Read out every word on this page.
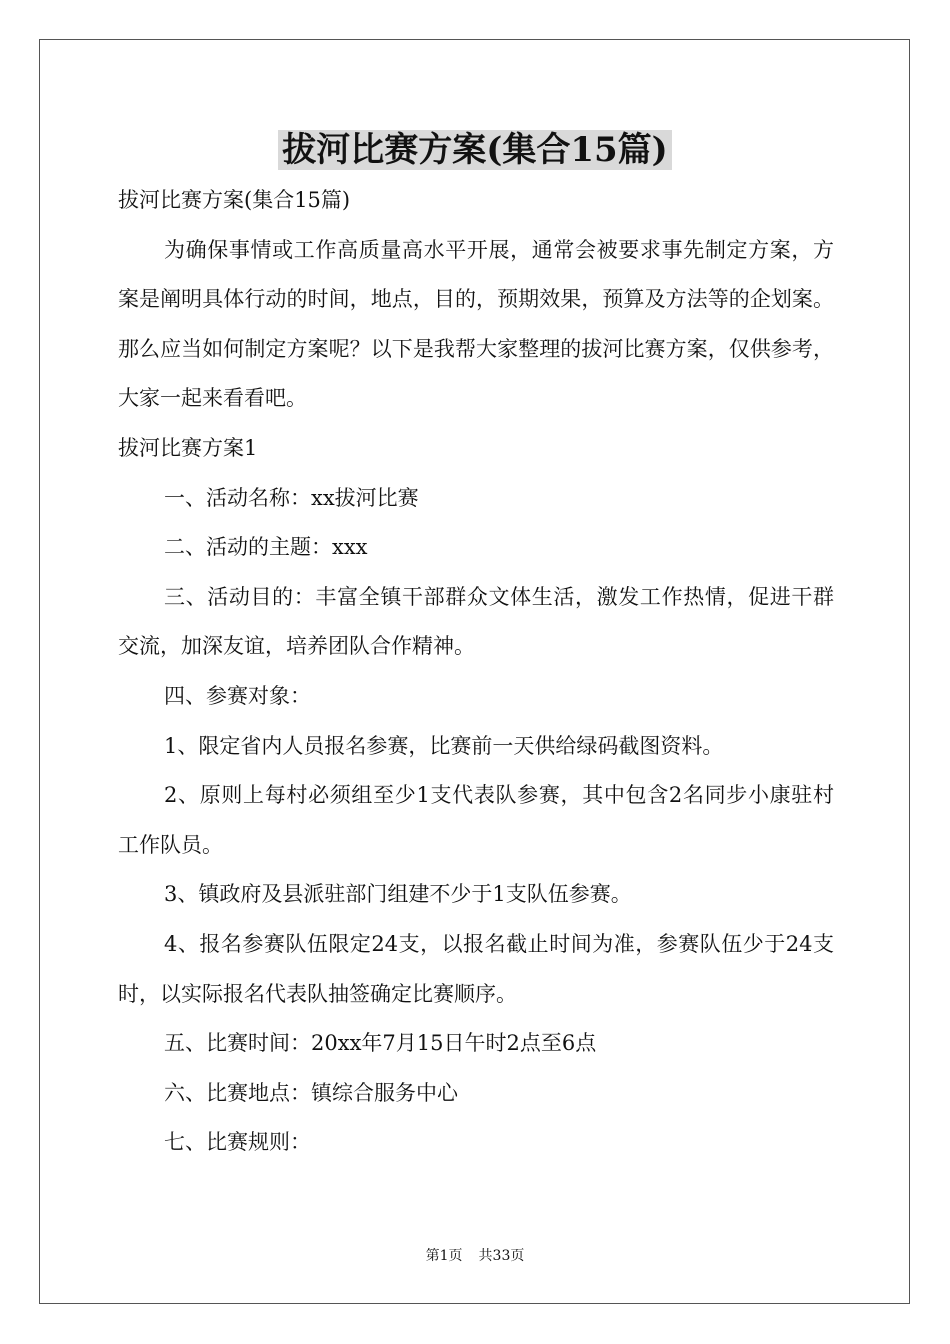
拔河比赛方案(集合15篇)

拔河比赛方案(集合15篇)

为确保事情或工作高质量高水平开展，通常会被要求事先制定方案，方案是阐明具体行动的时间，地点，目的，预期效果，预算及方法等的企划案。那么应当如何制定方案呢？以下是我帮大家整理的拔河比赛方案，仅供参考，大家一起来看看吧。

拔河比赛方案1

一、活动名称：xx拔河比赛

二、活动的主题：xxx

三、活动目的：丰富全镇干部群众文体生活，激发工作热情，促进干群交流，加深友谊，培养团队合作精神。

四、参赛对象：

1、限定省内人员报名参赛，比赛前一天供给绿码截图资料。

2、原则上每村必须组至少1支代表队参赛，其中包含2名同步小康驻村工作队员。

3、镇政府及县派驻部门组建不少于1支队伍参赛。

4、报名参赛队伍限定24支，以报名截止时间为准，参赛队伍少于24支时，以实际报名代表队抽签确定比赛顺序。

五、比赛时间：20xx年7月15日午时2点至6点

六、比赛地点：镇综合服务中心

七、比赛规则：

第1页 共33页
